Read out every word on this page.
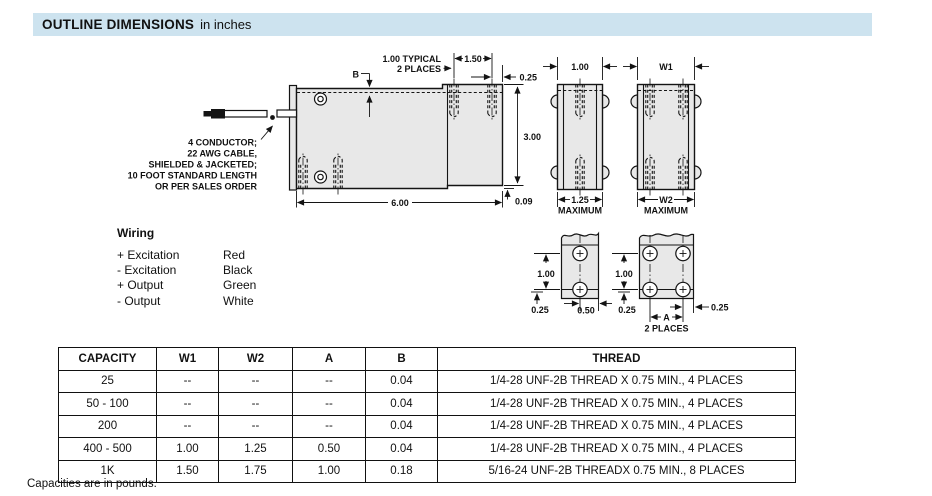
OUTLINE DIMENSIONS in inches
1.00 TYPICAL
2 PLACES
B
1.50
0.25
3.00
6.00	0.09
4 CONDUCTOR;
22 AWG CABLE,
SHIELDED & JACKETED;
10 FOOT STANDARD LENGTH
OR PER SALES ORDER
1.00
1.25
MAXIMUM
W1
W2
MAXIMUM
1.00
0.25	0.50
1.00
0.25
A
2 PLACES
0.25
Wiring
+ Excitation	Red
- Excitation	Black
+ Output	Green
- Output	White
CAPACITY	W1	W2	A	B	THREAD
25	--	--	--	0.04	1/4-28 UNF-2B THREAD X 0.75 MIN., 4 PLACES
50 - 100	--	--	--	0.04	1/4-28 UNF-2B THREAD X 0.75 MIN., 4 PLACES
200	--	--	--	0.04	1/4-28 UNF-2B THREAD X 0.75 MIN., 4 PLACES
400 - 500	1.00	1.25	0.50	0.04	1/4-28 UNF-2B THREAD X 0.75 MIN., 4 PLACES
1K	1.50	1.75	1.00	0.18	5/16-24 UNF-2B THREADX 0.75 MIN., 8 PLACES
Capacities are in pounds.
